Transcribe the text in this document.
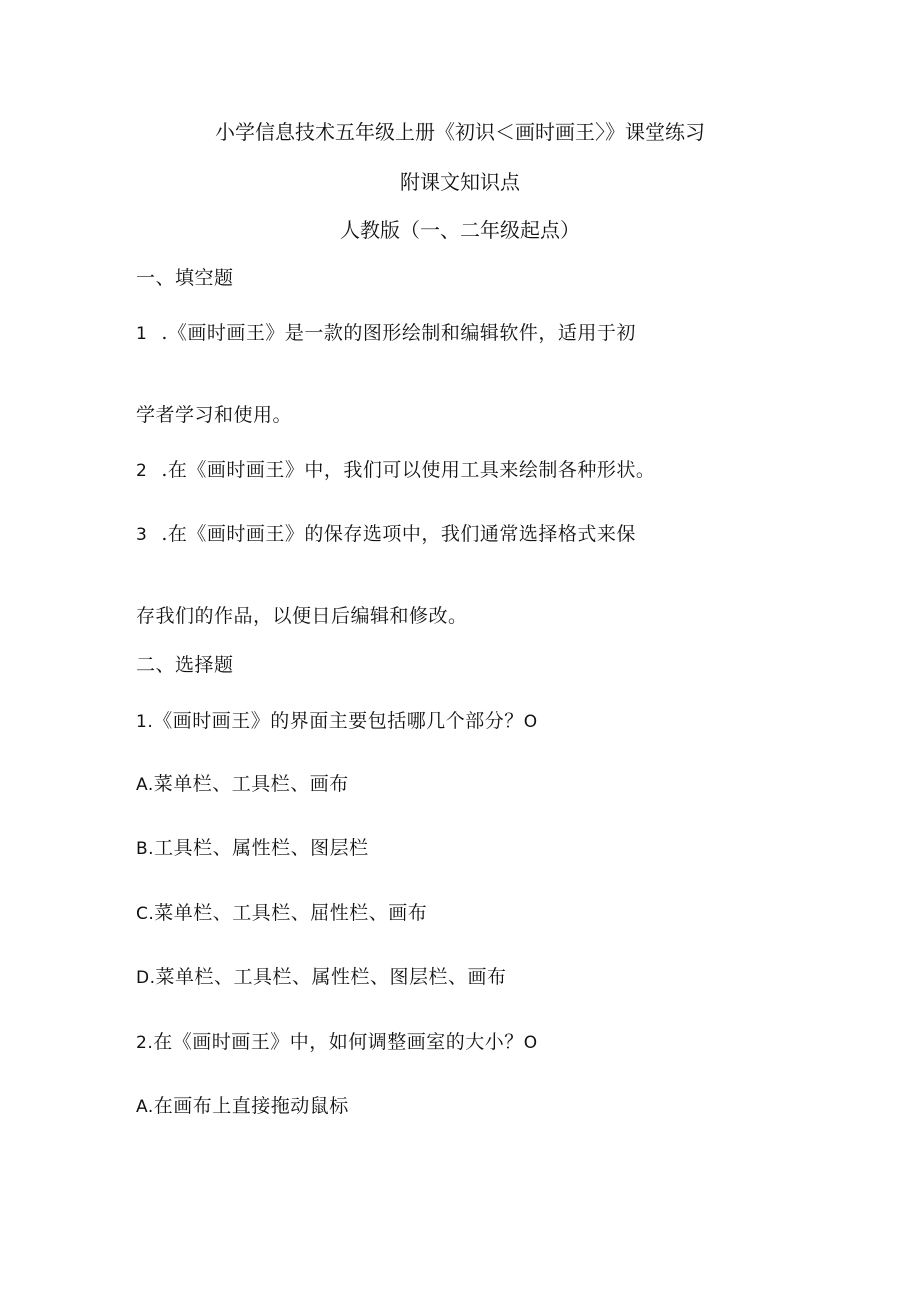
小学信息技术五年级上册《初识＜画时画王〉》课堂练习
附课文知识点
人教版（一、二年级起点）
一、填空题
1 .《画时画王》是一款的图形绘制和编辑软件，适用于初
学者学习和使用。
2 .在《画时画王》中，我们可以使用工具来绘制各种形状。
3 .在《画时画王》的保存选项中，我们通常选择格式来保
存我们的作品，以便日后编辑和修改。
二、选择题
1.《画时画王》的界面主要包括哪几个部分？O
A.菜单栏、工具栏、画布
B.工具栏、属性栏、图层栏
C.菜单栏、工具栏、屈性栏、画布
D.菜单栏、工具栏、属性栏、图层栏、画布
2.在《画时画王》中，如何调整画室的大小？O
A.在画布上直接拖动鼠标
